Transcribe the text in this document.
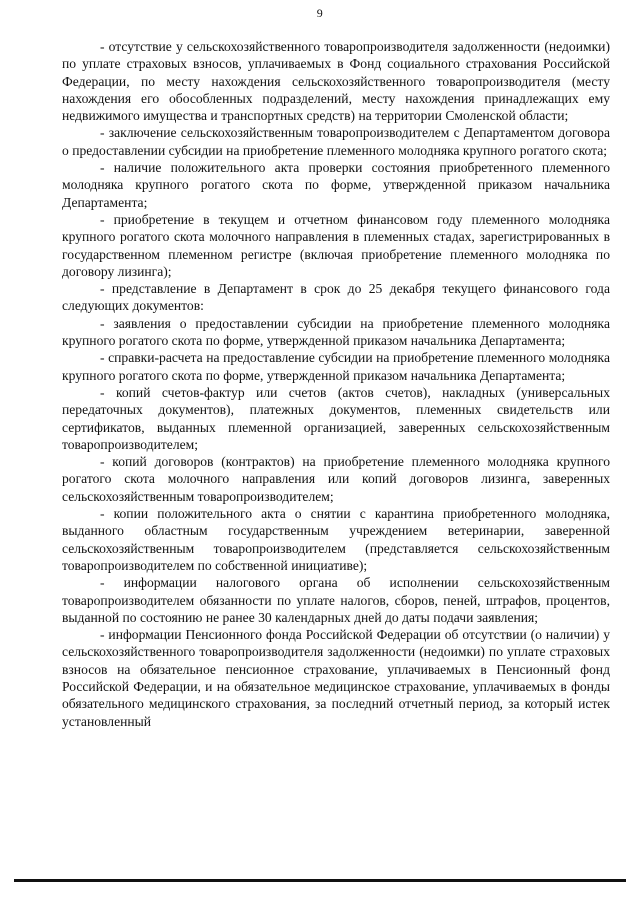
9

- отсутствие у сельскохозяйственного товаропроизводителя задолженности (недоимки) по уплате страховых взносов, уплачиваемых в Фонд социального страхования Российской Федерации, по месту нахождения сельскохозяйственного товаропроизводителя (месту нахождения его обособленных подразделений, месту нахождения принадлежащих ему недвижимого имущества и транспортных средств) на территории Смоленской области;

- заключение сельскохозяйственным товаропроизводителем с Департаментом договора о предоставлении субсидии на приобретение племенного молодняка крупного рогатого скота;

- наличие положительного акта проверки состояния приобретенного племенного молодняка крупного рогатого скота по форме, утвержденной приказом начальника Департамента;

- приобретение в текущем и отчетном финансовом году племенного молодняка крупного рогатого скота молочного направления в племенных стадах, зарегистрированных в государственном племенном регистре (включая приобретение племенного молодняка по договору лизинга);

- представление в Департамент в срок до 25 декабря текущего финансового года следующих документов:

- заявления о предоставлении субсидии на приобретение племенного молодняка крупного рогатого скота по форме, утвержденной приказом начальника Департамента;

- справки-расчета на предоставление субсидии на приобретение племенного молодняка крупного рогатого скота по форме, утвержденной приказом начальника Департамента;

- копий счетов-фактур или счетов (актов счетов), накладных (универсальных передаточных документов), платежных документов, племенных свидетельств или сертификатов, выданных племенной организацией, заверенных сельскохозяйственным товаропроизводителем;

- копий договоров (контрактов) на приобретение племенного молодняка крупного рогатого скота молочного направления или копий договоров лизинга, заверенных сельскохозяйственным товаропроизводителем;

- копии положительного акта о снятии с карантина приобретенного молодняка, выданного областным государственным учреждением ветеринарии, заверенной сельскохозяйственным товаропроизводителем (представляется сельскохозяйственным товаропроизводителем по собственной инициативе);

- информации налогового органа об исполнении сельскохозяйственным товаропроизводителем обязанности по уплате налогов, сборов, пеней, штрафов, процентов, выданной по состоянию не ранее 30 календарных дней до даты подачи заявления;

- информации Пенсионного фонда Российской Федерации об отсутствии (о наличии) у сельскохозяйственного товаропроизводителя задолженности (недоимки) по уплате страховых взносов на обязательное пенсионное страхование, уплачиваемых в Пенсионный фонд Российской Федерации, и на обязательное медицинское страхование, уплачиваемых в фонды обязательного медицинского страхования, за последний отчетный период, за который истек установленный
